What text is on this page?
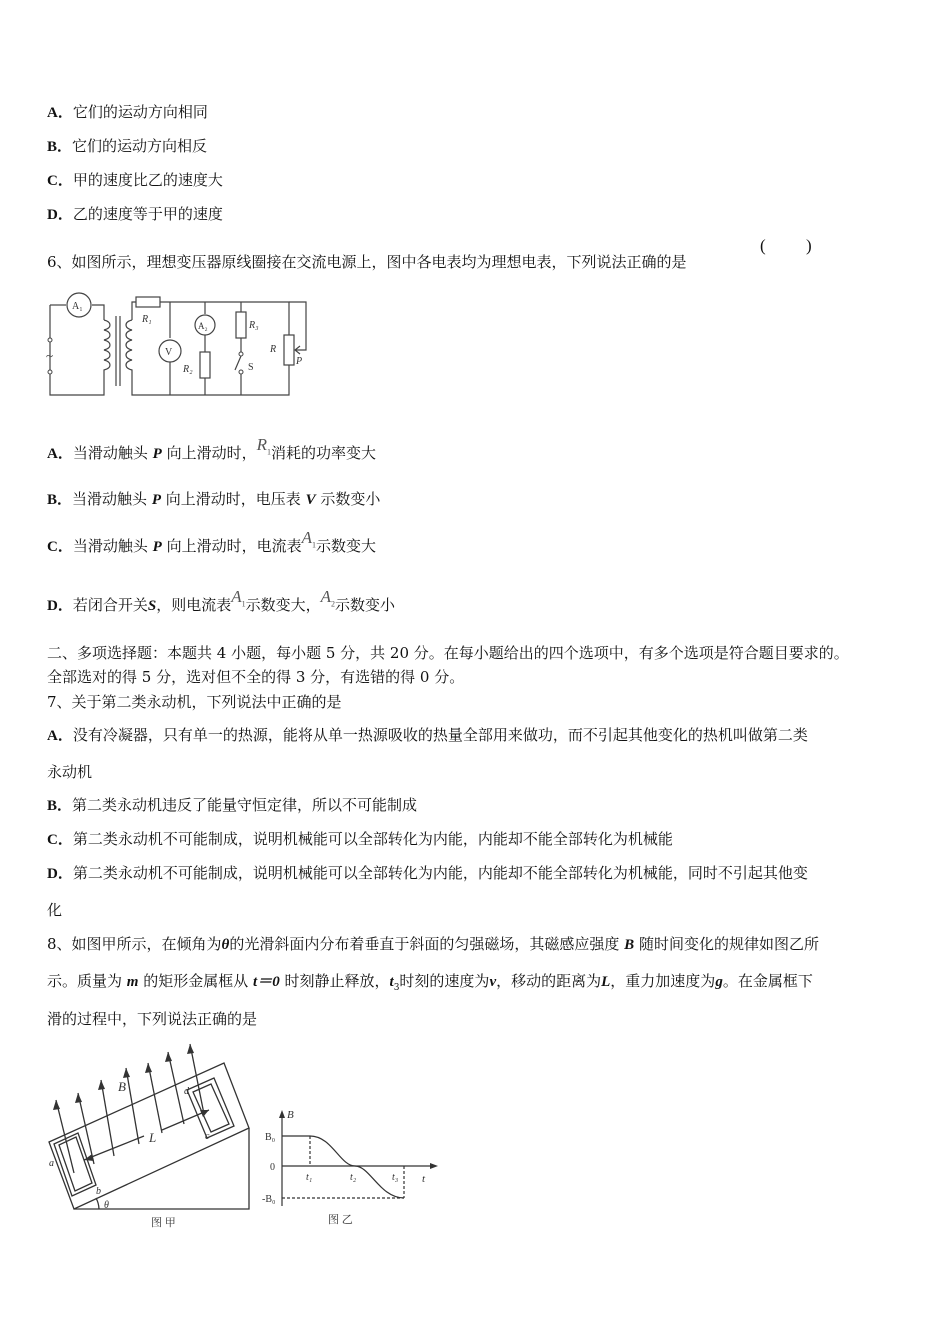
A．它们的运动方向相同
B．它们的运动方向相反
C．甲的速度比乙的速度大
D．乙的速度等于甲的速度
6、如图所示，理想变压器原线圈接在交流电源上，图中各电表均为理想电表，下列说法正确的是
( )
~
A₁
R₁
V
A₂
R₂
R₃
S
R
P
A．当滑动触头 P 向上滑动时，$R_1$消耗的功率变大
B．当滑动触头 P 向上滑动时，电压表 V 示数变小
C．当滑动触头 P 向上滑动时，电流表$A_1$示数变大
D．若闭合开关S，则电流表$A_1$示数变大，$A_2$示数变小
二、多项选择题：本题共 4 小题，每小题 5 分，共 20 分。在每小题给出的四个选项中，有多个选项是符合题目要求的。
全部选对的得 5 分，选对但不全的得 3 分，有选错的得 0 分。
7、关于第二类永动机，下列说法中正确的是
A．没有冷凝器，只有单一的热源，能将从单一热源吸收的热量全部用来做功，而不引起其他变化的热机叫做第二类
永动机
B．第二类永动机违反了能量守恒定律，所以不可能制成
C．第二类永动机不可能制成，说明机械能可以全部转化为内能，内能却不能全部转化为机械能
D．第二类永动机不可能制成，说明机械能可以全部转化为内能，内能却不能全部转化为机械能，同时不引起其他变
化
8、如图甲所示，在倾角为θ的光滑斜面内分布着垂直于斜面的匀强磁场，其磁感应强度 B 随时间变化的规律如图乙所
示。质量为 m 的矩形金属框从 t＝0 时刻静止释放，$t_3$时刻的速度为v，移动的距离为L，重力加速度为g。在金属框下
滑的过程中，下列说法正确的是
B
L
a
b
c
d
θ
图 甲
B
B₀
0
-B₀
t₁	t₂	t₃ t
图 乙
